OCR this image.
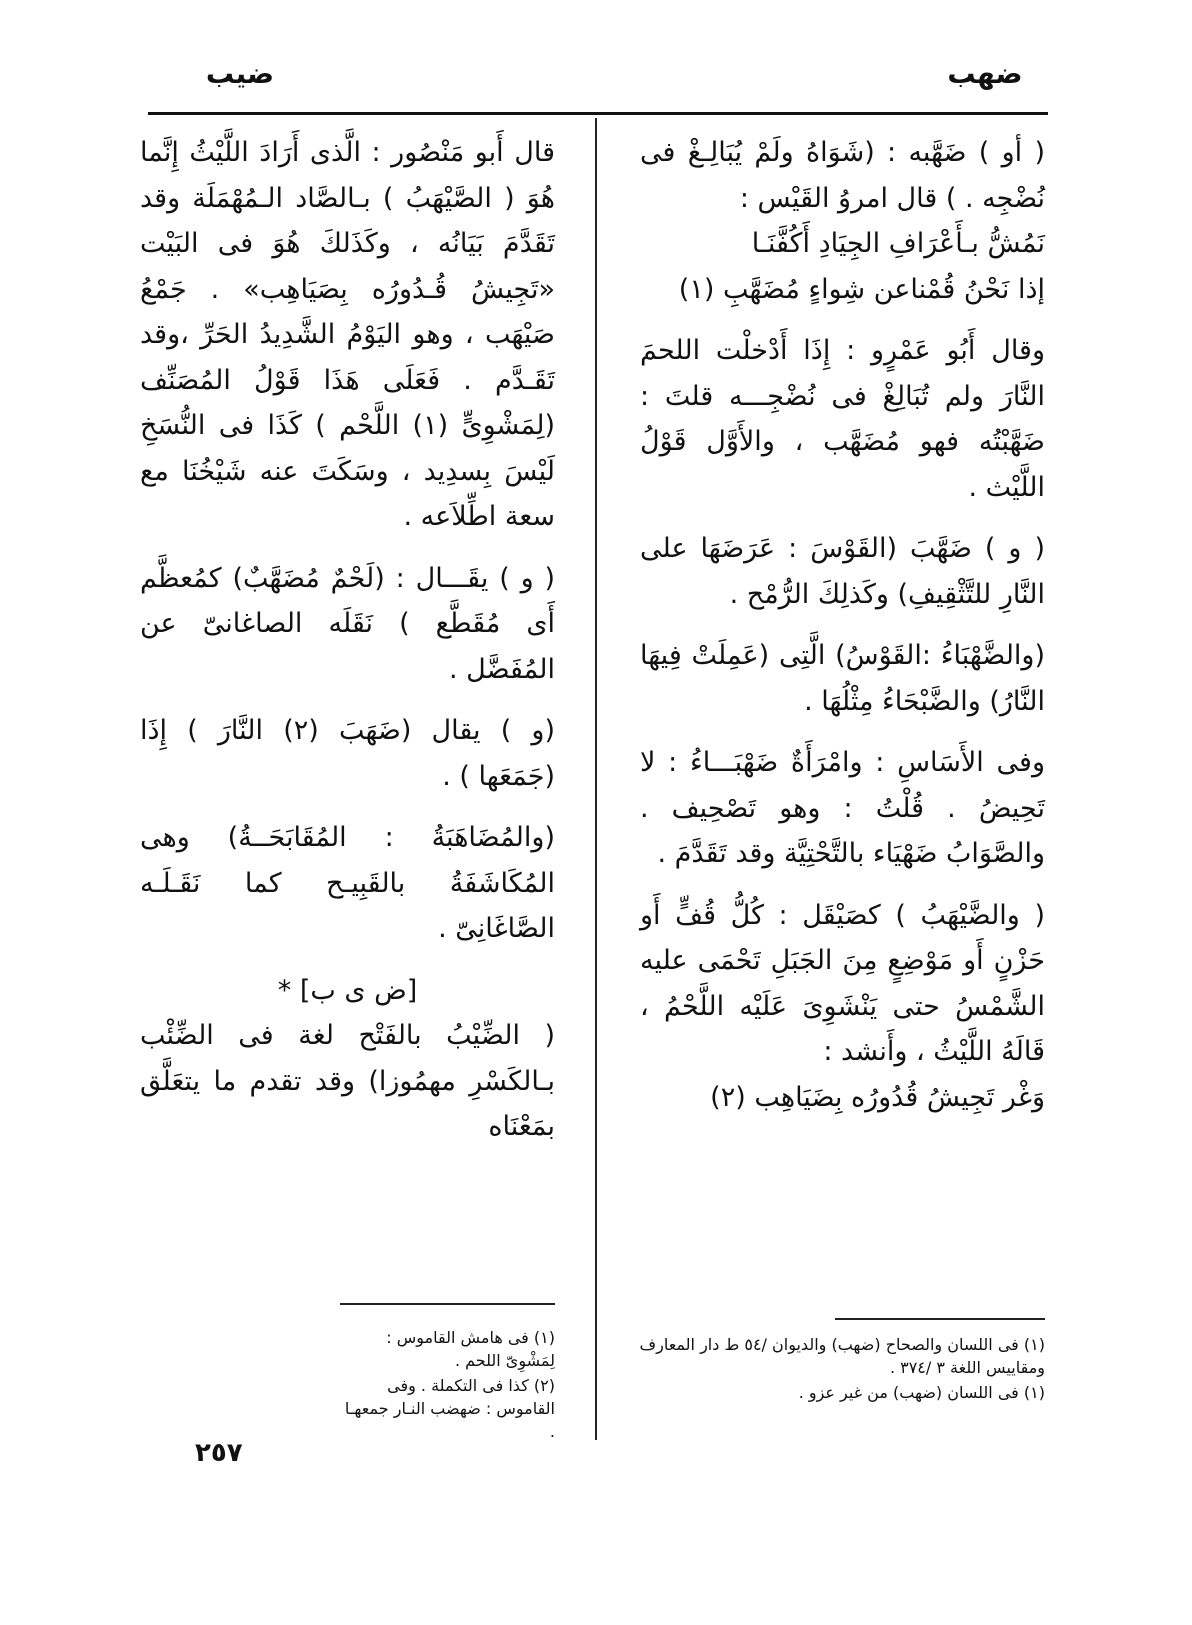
ضهب
ضيب

( أو ) ضَهَّبه : (شَوَاهُ ولَمْ يُبَالِـغْ فى نُضْجِه . ) قال امروُ القَيْس :
نَمُشُّ بـأَعْرَافِ الجِيَادِ أَكُفَّنَـا
إذا نَحْنُ قُمْناعن شِواءٍ مُضَهَّبِ (١)

وقال أَبُو عَمْرٍو : إِذَا أَدْخلْت اللحمَ النَّارَ ولم تُبَالِغْ فى نُضْجِـــه قلتَ : ضَهَّبْتُه فهو مُضَهَّب ، والأَوَّل قَوْلُ اللَّيْث .

( و ) ضَهَّبَ (القَوْسَ : عَرَضَهَا على النَّارِ للتَّثْقِيفِ) وكَذلِكَ الرُّمْح .

(والضَّهْبَاءُ :القَوْسُ) الَّتِى (عَمِلَتْ فِيهَا النَّارُ) والضَّبْحَاءُ مِثْلُهَا .

وفى الأَسَاسِ : وامْرَأَةٌ ضَهْبَـــاءُ : لا تَحِيضُ . قُلْتُ : وهو تَصْحِيف . والصَّوَابُ ضَهْيَاء بالتَّحْتِيَّة وقد تَقَدَّمَ .

( والضَّيْهَبُ ) كصَيْقَل : كُلُّ قُفٍّ أَو حَزْنٍ أَو مَوْضِعٍ مِنَ الجَبَلِ تَحْمَى عليه الشَّمْسُ حتى يَنْشَوِىَ عَلَيْه اللَّحْمُ ، قَالَهُ اللَّيْثُ ، وأَنشد :
وَغْر تَجِيشُ قُدُورُه بِضَيَاهِب (٢)

قال أَبو مَنْصُور : الَّذى أَرَادَ اللَّيْثُ إِنَّما هُوَ ( الصَّيْهَبُ ) بـالصَّاد الـمُهْمَلَة وقد تَقَدَّمَ بَيَانُه ، وكَذَلكَ هُوَ فى البَيْت «تَجِيشُ قُـدُورُه بِصَيَاهِب» . جَمْعُ صَيْهَب ، وهو اليَوْمُ الشَّدِيدُ الحَرِّ ،وقد تَقَـدَّم . فَعَلَى هَذَا قَوْلُ المُصَنِّف (لِمَشْوِىٍّ (١) اللَّحْم ) كَذَا فى النُّسَخِ لَيْسَ بِسدِيد ، وسَكَتَ عنه شَيْخُنَا مع سعة اطِّلاَعه .

( و ) يقَـــال : (لَحْمٌ مُضَهَّبٌ) كمُعظَّم أَى مُقَطَّع ) نَقَلَه الصاغانىّ عن المُفَضَّل .

(و ) يقال (ضَهَبَ (٢) النَّارَ ) إِذَا (جَمَعَها ) .

(والمُضَاهَبَةُ : المُقَابَحَــةُ) وهى المُكَاشَفَةُ بالقَبِيـح كما نَقَـلَـه الصَّاغَانِىّ .

[ض ى ب] *

( الضِّيْبُ بالفَتْح لغة فى الضِّئْب بـالكَسْرِ مهمُوزا) وقد تقدم ما يتعَلَّق بمَعْنَاه

(١) فى اللسان والصحاح (ضهب) والديوان /٥٤ ط دار المعارف ومقاييس اللغة ٣ /٣٧٤ .

(١) فى اللسان (ضهب) من غير عزو .

(١) فى هامش القاموس : لِمَشْوِىّ اللحم .

(٢) كذا فى التكملة . وفى القاموس : ضهضب النـار جمعهـا .

٢٥٧
